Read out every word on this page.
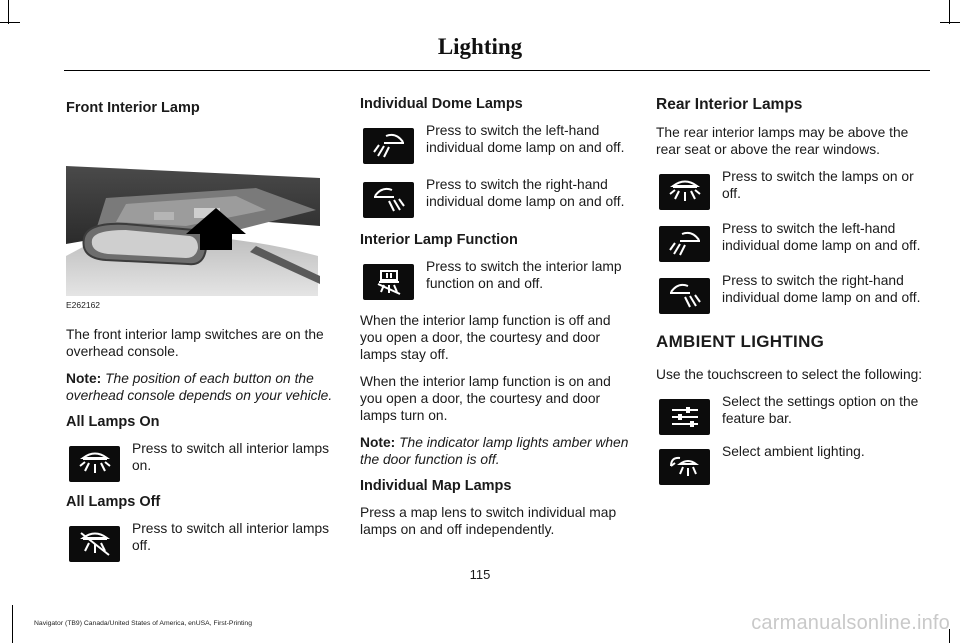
Lighting
Front Interior Lamp
E262162

The front interior lamp switches are on the overhead console.

Note: The position of each button on the overhead console depends on your vehicle.

All Lamps On
Press to switch all interior lamps on.
All Lamps Off
Press to switch all interior lamps off.
Individual Dome Lamps
Press to switch the left-hand individual dome lamp on and off.
Press to switch the right-hand individual dome lamp on and off.
Interior Lamp Function
Press to switch the interior lamp function on and off.

When the interior lamp function is off and you open a door, the courtesy and door lamps stay off.

When the interior lamp function is on and you open a door, the courtesy and door lamps turn on.

Note: The indicator lamp lights amber when the door function is off.

Individual Map Lamps

Press a map lens to switch individual map lamps on and off independently.

Rear Interior Lamps

The rear interior lamps may be above the rear seat or above the rear windows.

Press to switch the lamps on or off.
Press to switch the left-hand individual dome lamp on and off.
Press to switch the right-hand individual dome lamp on and off.
AMBIENT LIGHTING

Use the touchscreen to select the following:

Select the settings option on the feature bar.
Select ambient lighting.
115
Navigator (TB9) Canada/United States of America, enUSA, First-Printing	carmanualsonline.info
